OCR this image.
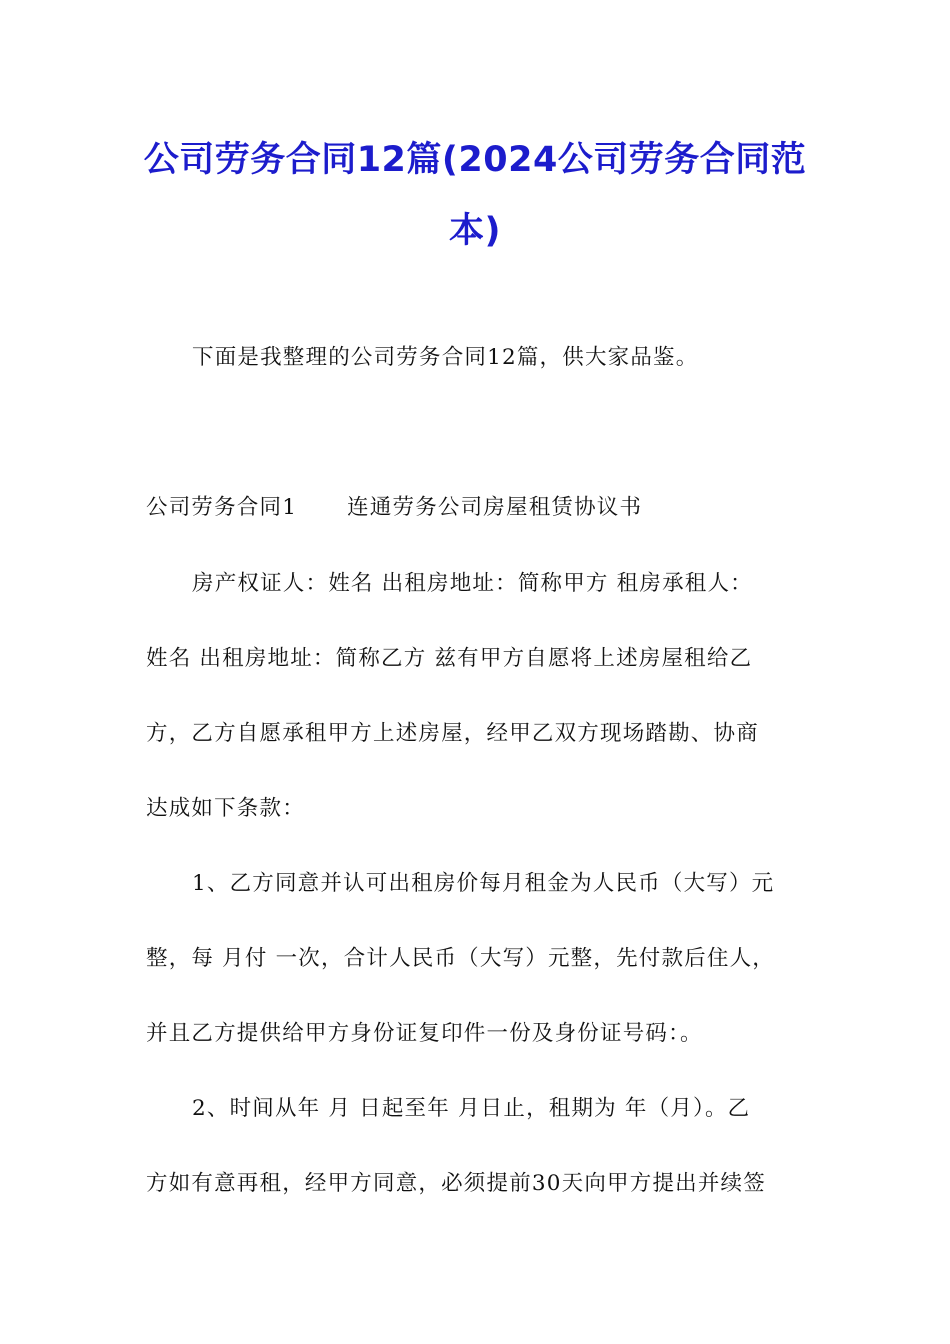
公司劳务合同12篇(2024公司劳务合同范
本)
下面是我整理的公司劳务合同12篇，供大家品鉴。
公司劳务合同1 连通劳务公司房屋租赁协议书
房产权证人：姓名 出租房地址：简称甲方 租房承租人：
姓名 出租房地址：简称乙方 兹有甲方自愿将上述房屋租给乙
方，乙方自愿承租甲方上述房屋，经甲乙双方现场踏勘、协商
达成如下条款：
1、乙方同意并认可出租房价每月租金为人民币（大写）元
整，每 月付 一次，合计人民币（大写）元整，先付款后住人，
并且乙方提供给甲方身份证复印件一份及身份证号码：。
2、时间从年 月 日起至年 月日止，租期为 年（月）。乙
方如有意再租，经甲方同意，必须提前30天向甲方提出并续签
